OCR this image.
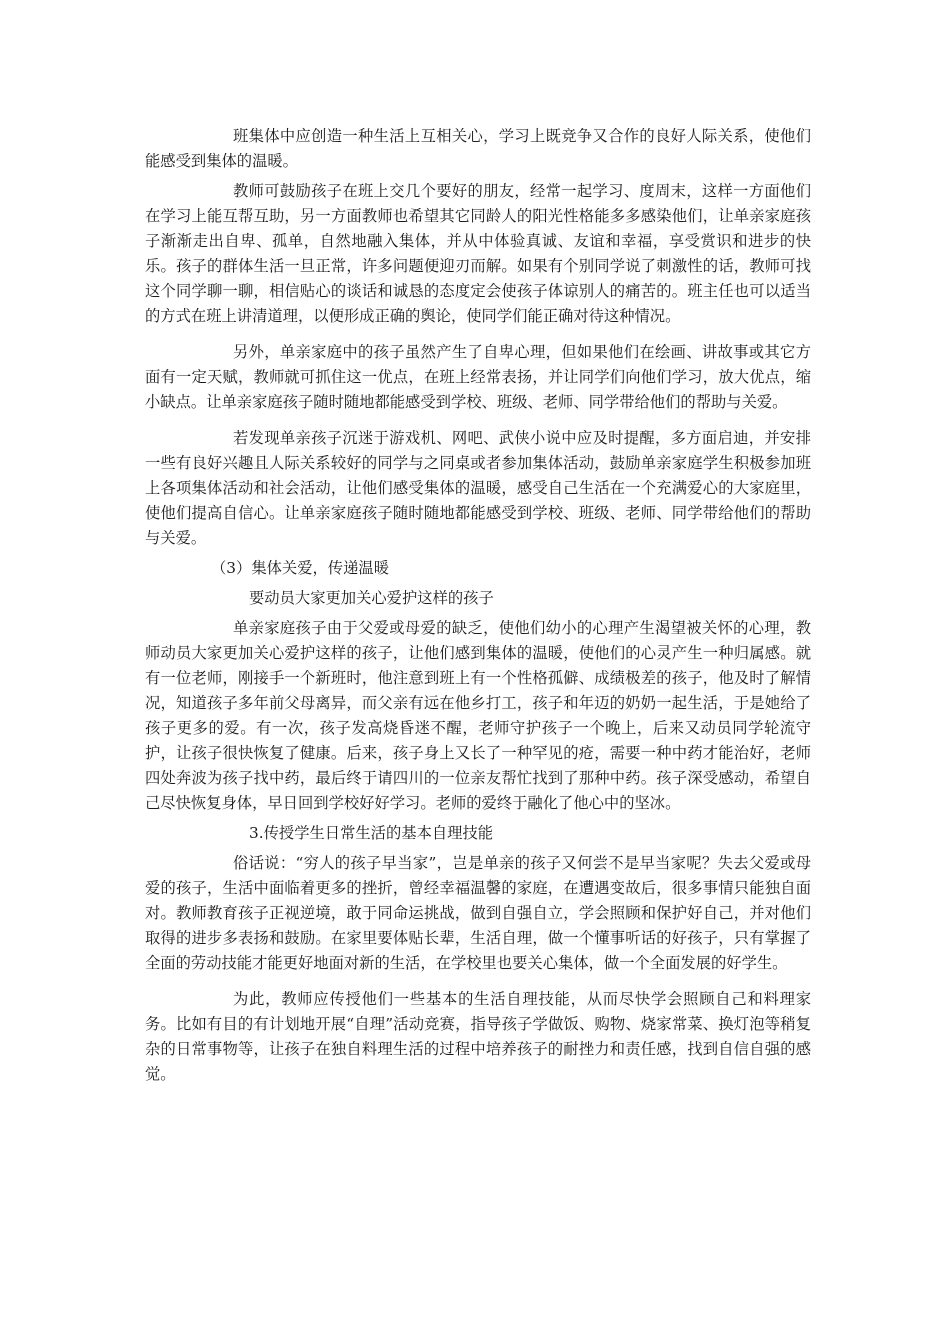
班集体中应创造一种生活上互相关心，学习上既竞争又合作的良好人际关系，使他们能感受到集体的温暖。

教师可鼓励孩子在班上交几个要好的朋友，经常一起学习、度周末，这样一方面他们在学习上能互帮互助，另一方面教师也希望其它同龄人的阳光性格能多多感染他们，让单亲家庭孩子渐渐走出自卑、孤单，自然地融入集体，并从中体验真诚、友谊和幸福，享受赏识和进步的快乐。孩子的群体生活一旦正常，许多问题便迎刃而解。如果有个别同学说了刺激性的话，教师可找这个同学聊一聊，相信贴心的谈话和诚恳的态度定会使孩子体谅别人的痛苦的。班主任也可以适当的方式在班上讲清道理，以便形成正确的舆论，使同学们能正确对待这种情况。

另外，单亲家庭中的孩子虽然产生了自卑心理，但如果他们在绘画、讲故事或其它方面有一定天赋，教师就可抓住这一优点，在班上经常表扬，并让同学们向他们学习，放大优点，缩小缺点。让单亲家庭孩子随时随地都能感受到学校、班级、老师、同学带给他们的帮助与关爱。

若发现单亲孩子沉迷于游戏机、网吧、武侠小说中应及时提醒，多方面启迪，并安排一些有良好兴趣且人际关系较好的同学与之同桌或者参加集体活动，鼓励单亲家庭学生积极参加班上各项集体活动和社会活动，让他们感受集体的温暖，感受自己生活在一个充满爱心的大家庭里，使他们提高自信心。让单亲家庭孩子随时随地都能感受到学校、班级、老师、同学带给他们的帮助与关爱。

（3）集体关爱，传递温暖

要动员大家更加关心爱护这样的孩子

单亲家庭孩子由于父爱或母爱的缺乏，使他们幼小的心理产生渴望被关怀的心理，教师动员大家更加关心爱护这样的孩子，让他们感到集体的温暖，使他们的心灵产生一种归属感。就有一位老师，刚接手一个新班时，他注意到班上有一个性格孤僻、成绩极差的孩子，他及时了解情况，知道孩子多年前父母离异，而父亲有远在他乡打工，孩子和年迈的奶奶一起生活，于是她给了孩子更多的爱。有一次，孩子发高烧昏迷不醒，老师守护孩子一个晚上，后来又动员同学轮流守护，让孩子很快恢复了健康。后来，孩子身上又长了一种罕见的疮，需要一种中药才能治好，老师四处奔波为孩子找中药，最后终于请四川的一位亲友帮忙找到了那种中药。孩子深受感动，希望自己尽快恢复身体，早日回到学校好好学习。老师的爱终于融化了他心中的坚冰。

3.传授学生日常生活的基本自理技能

俗话说：“穷人的孩子早当家”，岂是单亲的孩子又何尝不是早当家呢？失去父爱或母爱的孩子，生活中面临着更多的挫折，曾经幸福温馨的家庭，在遭遇变故后，很多事情只能独自面对。教师教育孩子正视逆境，敢于同命运挑战，做到自强自立，学会照顾和保护好自己，并对他们取得的进步多表扬和鼓励。在家里要体贴长辈，生活自理，做一个懂事听话的好孩子，只有掌握了全面的劳动技能才能更好地面对新的生活，在学校里也要关心集体，做一个全面发展的好学生。

为此，教师应传授他们一些基本的生活自理技能，从而尽快学会照顾自己和料理家务。比如有目的有计划地开展“自理”活动竞赛，指导孩子学做饭、购物、烧家常菜、换灯泡等稍复杂的日常事物等，让孩子在独自料理生活的过程中培养孩子的耐挫力和责任感，找到自信自强的感觉。
